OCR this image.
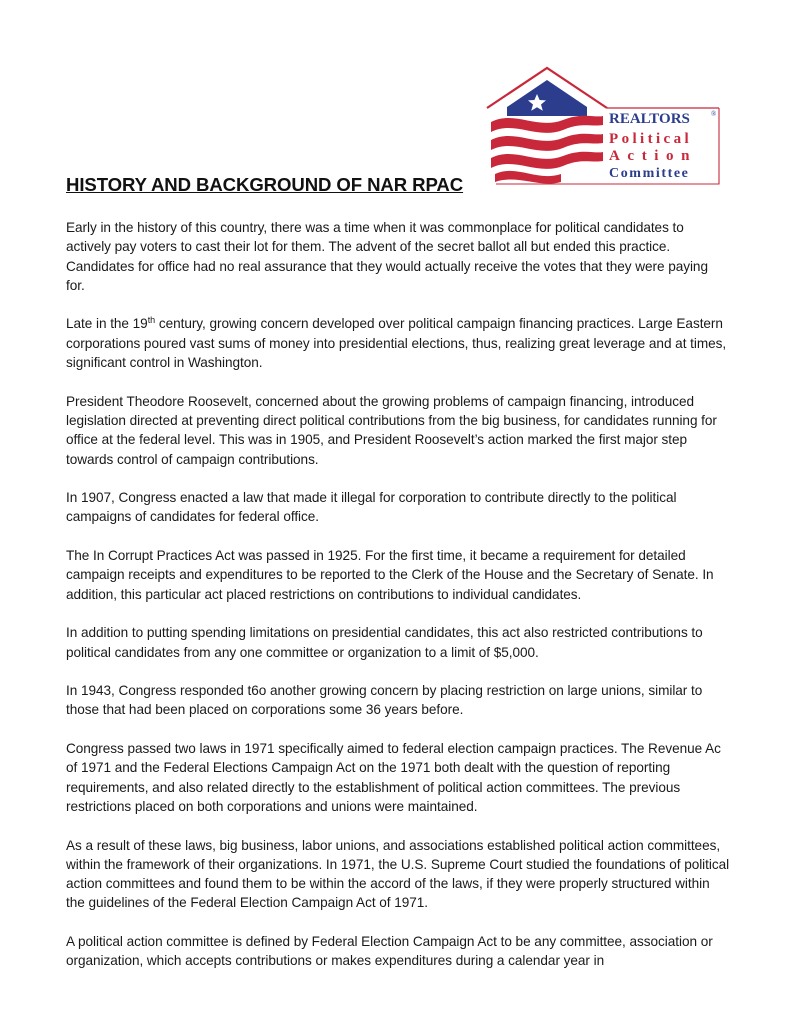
REALTORS	®
Political
Action
Committee
HISTORY AND BACKGROUND OF NAR RPAC

Early in the history of this country, there was a time when it was commonplace for political candidates to actively pay voters to cast their lot for them. The advent of the secret ballot all but ended this practice. Candidates for office had no real assurance that they would actually receive the votes that they were paying for.

Late in the 19th century, growing concern developed over political campaign financing practices. Large Eastern corporations poured vast sums of money into presidential elections, thus, realizing great leverage and at times, significant control in Washington.

President Theodore Roosevelt, concerned about the growing problems of campaign financing, introduced legislation directed at preventing direct political contributions from the big business, for candidates running for office at the federal level. This was in 1905, and President Roosevelt’s action marked the first major step towards control of campaign contributions.

In 1907, Congress enacted a law that made it illegal for corporation to contribute directly to the political campaigns of candidates for federal office.

The In Corrupt Practices Act was passed in 1925. For the first time, it became a requirement for detailed campaign receipts and expenditures to be reported to the Clerk of the House and the Secretary of Senate. In addition, this particular act placed restrictions on contributions to individual candidates.

In addition to putting spending limitations on presidential candidates, this act also restricted contributions to political candidates from any one committee or organization to a limit of $5,000.

In 1943, Congress responded t6o another growing concern by placing restriction on large unions, similar to those that had been placed on corporations some 36 years before.

Congress passed two laws in 1971 specifically aimed to federal election campaign practices. The Revenue Ac of 1971 and the Federal Elections Campaign Act on the 1971 both dealt with the question of reporting requirements, and also related directly to the establishment of political action committees. The previous restrictions placed on both corporations and unions were maintained.

As a result of these laws, big business, labor unions, and associations established political action committees, within the framework of their organizations. In 1971, the U.S. Supreme Court studied the foundations of political action committees and found them to be within the accord of the laws, if they were properly structured within the guidelines of the Federal Election Campaign Act of 1971.

A political action committee is defined by Federal Election Campaign Act to be any committee, association or organization, which accepts contributions or makes expenditures during a calendar year in
